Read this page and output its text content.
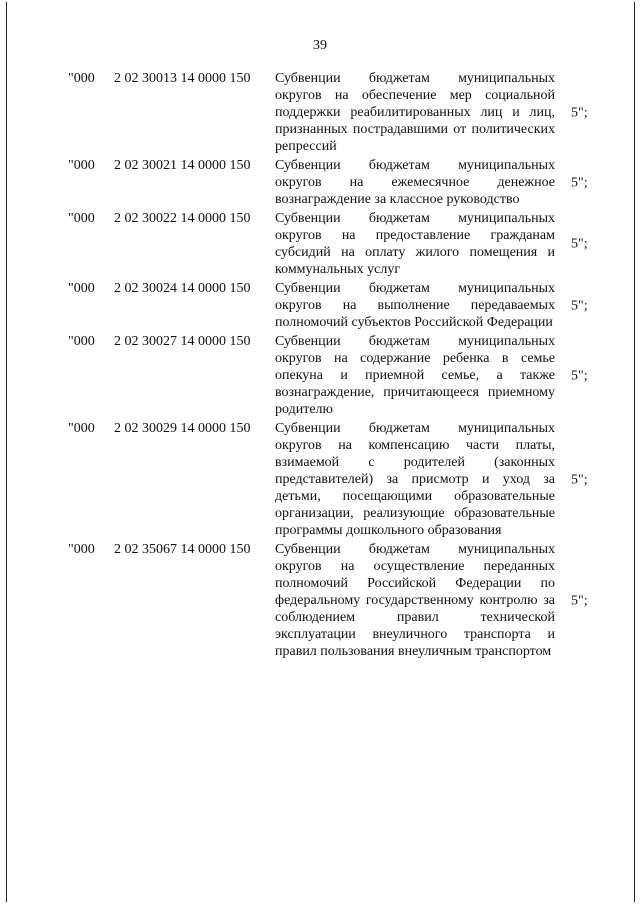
39
"000 2 02 30013 14 0000 150 Субвенции бюджетам муниципальных округов на обеспечение мер социальной поддержки реабилитированных лиц и лиц, признанных пострадавшими от политических репрессий
5";
"000 2 02 30021 14 0000 150 Субвенции бюджетам муниципальных округов на ежемесячное денежное вознаграждение за классное руководство
5";
"000 2 02 30022 14 0000 150 Субвенции бюджетам муниципальных округов на предоставление гражданам субсидий на оплату жилого помещения и коммунальных услуг
5";
"000 2 02 30024 14 0000 150 Субвенции бюджетам муниципальных округов на выполнение передаваемых полномочий субъектов Российской Федерации
5";
"000 2 02 30027 14 0000 150 Субвенции бюджетам муниципальных округов на содержание ребенка в семье опекуна и приемной семье, а также вознаграждение, причитающееся приемному родителю
5";
"000 2 02 30029 14 0000 150 Субвенции бюджетам муниципальных округов на компенсацию части платы, взимаемой с родителей (законных представителей) за присмотр и уход за детьми, посещающими образовательные организации, реализующие образовательные программы дошкольного образования
5";
"000 2 02 35067 14 0000 150 Субвенции бюджетам муниципальных округов на осуществление переданных полномочий Российской Федерации по федеральному государственному контролю за соблюдением правил технической эксплуатации внеуличного транспорта и правил пользования внеуличным транспортом
5";
